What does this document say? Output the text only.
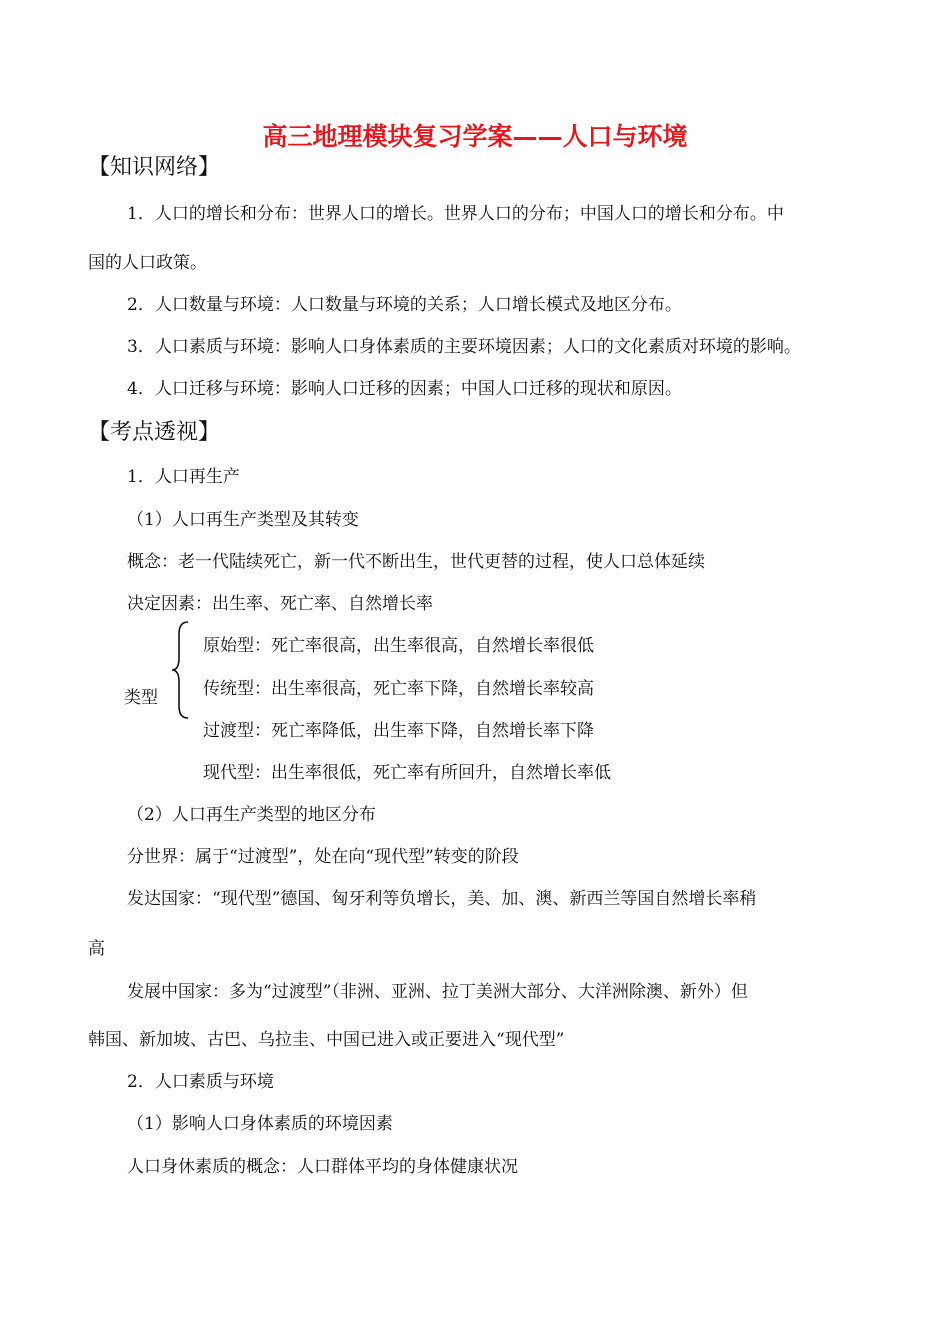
高三地理模块复习学案——人口与环境
【知识网络】
1．人口的增长和分布：世界人口的增长。世界人口的分布；中国人口的增长和分布。中
国的人口政策。
2．人口数量与环境：人口数量与环境的关系；人口增长模式及地区分布。
3．人口素质与环境：影响人口身体素质的主要环境因素；人口的文化素质对环境的影响。
4．人口迁移与环境：影响人口迁移的因素；中国人口迁移的现状和原因。
【考点透视】
1．人口再生产
（1）人口再生产类型及其转变
概念：老一代陆续死亡，新一代不断出生，世代更替的过程，使人口总体延续
决定因素：出生率、死亡率、自然增长率
类型
原始型：死亡率很高，出生率很高，自然增长率很低
传统型：出生率很高，死亡率下降，自然增长率较高
过渡型：死亡率降低，出生率下降，自然增长率下降
现代型：出生率很低，死亡率有所回升，自然增长率低
（2）人口再生产类型的地区分布
分世界：属于“过渡型”，处在向“现代型”转变的阶段
发达国家：“现代型”德国、匈牙利等负增长，美、加、澳、新西兰等国自然增长率稍
高
发展中国家：多为“过渡型”（非洲、亚洲、拉丁美洲大部分、大洋洲除澳、新外）但
韩国、新加坡、古巴、乌拉圭、中国已进入或正要进入“现代型”
2．人口素质与环境
（1）影响人口身体素质的环境因素
人口身休素质的概念：人口群体平均的身体健康状况
